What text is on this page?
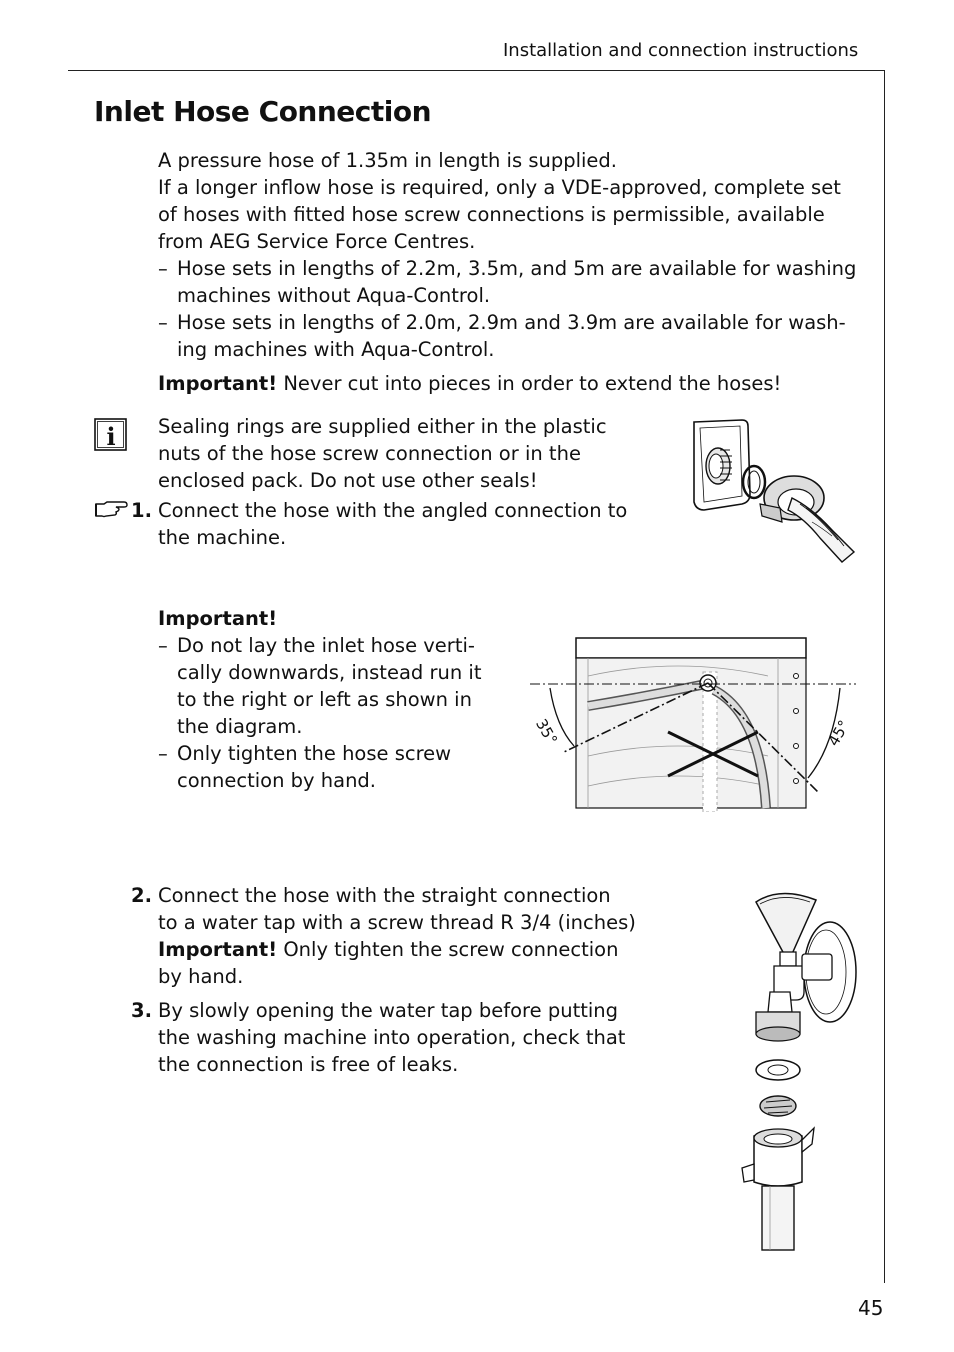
Installation and connection instructions
Inlet Hose Connection
A pressure hose of 1.35m in length is supplied.
If a longer inflow hose is required, only a VDE-approved, complete set
of hoses with fitted hose screw connections is permissible, available
from AEG Service Force Centres.
– Hose sets in lengths of 2.2m, 3.5m, and 5m are available for washing
machines without Aqua-Control.
– Hose sets in lengths of 2.0m, 2.9m and 3.9m are available for wash-
ing machines with Aqua-Control.
Important! Never cut into pieces in order to extend the hoses!
i Sealing rings are supplied either in the plastic
nuts of the hose screw connection or in the
enclosed pack. Do not use other seals!
1. Connect the hose with the angled connection to
the machine.
Important!
– Do not lay the inlet hose verti-
cally downwards, instead run it
to the right or left as shown in
the diagram.
– Only tighten the hose screw
connection by hand.
35°	45°
2. Connect the hose with the straight connection
to a water tap with a screw thread R 3/4 (inches)
Important! Only tighten the screw connection
by hand.
3. By slowly opening the water tap before putting
the washing machine into operation, check that
the connection is free of leaks.
45
